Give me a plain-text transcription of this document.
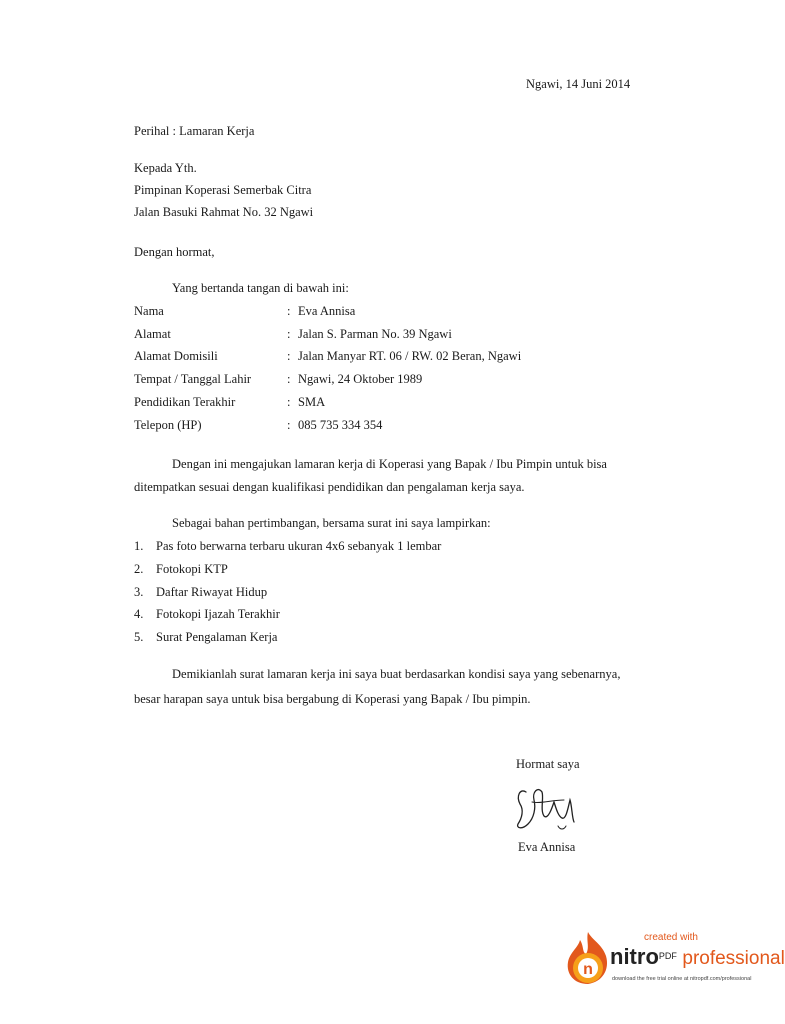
Ngawi, 14 Juni 2014
Perihal : Lamaran Kerja
Kepada Yth.
Pimpinan Koperasi Semerbak Citra
Jalan Basuki Rahmat No. 32 Ngawi
Dengan hormat,
Yang bertanda tangan di bawah ini:
Nama	: Eva Annisa
Alamat	: Jalan S. Parman No. 39 Ngawi
Alamat Domisili	: Jalan Manyar RT. 06 / RW. 02 Beran, Ngawi
Tempat / Tanggal Lahir	: Ngawi, 24 Oktober 1989
Pendidikan Terakhir	: SMA
Telepon (HP)	: 085 735 334 354
Dengan ini mengajukan lamaran kerja di Koperasi yang Bapak / Ibu Pimpin untuk bisa
ditempatkan sesuai dengan kualifikasi pendidikan dan pengalaman kerja saya.
Sebagai bahan pertimbangan, bersama surat ini saya lampirkan:
1. Pas foto berwarna terbaru ukuran 4x6 sebanyak 1 lembar
2. Fotokopi KTP
3. Daftar Riwayat Hidup
4. Fotokopi Ijazah Terakhir
5. Surat Pengalaman Kerja
Demikianlah surat lamaran kerja ini saya buat berdasarkan kondisi saya yang sebenarnya,
besar harapan saya untuk bisa bergabung di Koperasi yang Bapak / Ibu pimpin.
Hormat saya
Eva Annisa
n
created with
nitro$^{PDF}$ professional
download the free trial online at nitropdf.com/professional
